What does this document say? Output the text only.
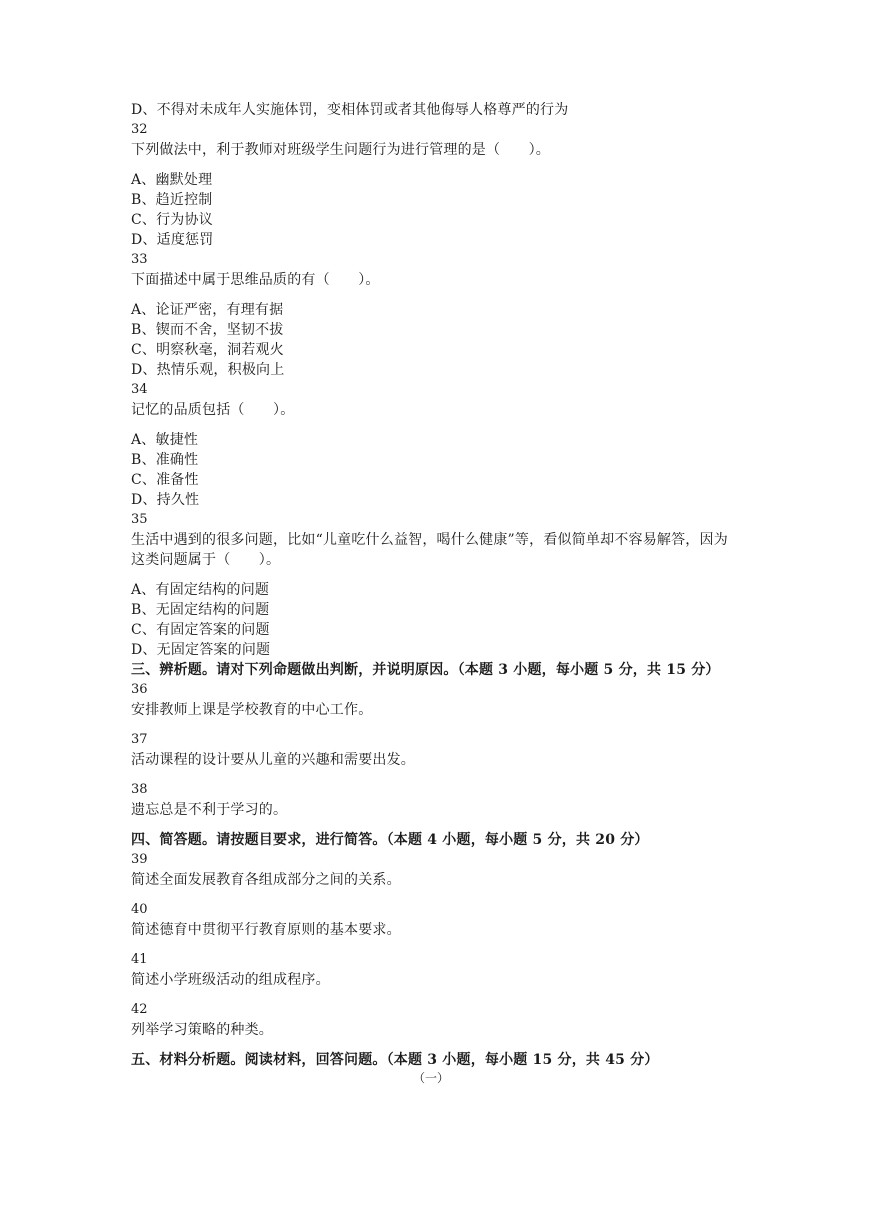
D、不得对未成年人实施体罚，变相体罚或者其他侮辱人格尊严的行为
32
下列做法中，利于教师对班级学生问题行为进行管理的是（　　）。
A、幽默处理
B、趋近控制
C、行为协议
D、适度惩罚
33
下面描述中属于思维品质的有（　　）。
A、论证严密，有理有据
B、锲而不舍，坚韧不拔
C、明察秋毫，洞若观火
D、热情乐观，积极向上
34
记忆的品质包括（　　）。
A、敏捷性
B、准确性
C、准备性
D、持久性
35
生活中遇到的很多问题，比如“儿童吃什么益智，喝什么健康”等，看似简单却不容易解答，因为这类问题属于（　　）。
A、有固定结构的问题
B、无固定结构的问题
C、有固定答案的问题
D、无固定答案的问题
三、辨析题。请对下列命题做出判断，并说明原因。（本题 3 小题，每小题 5 分，共 15 分）
36
安排教师上课是学校教育的中心工作。
37
活动课程的设计要从儿童的兴趣和需要出发。
38
遗忘总是不利于学习的。
四、简答题。请按题目要求，进行简答。（本题 4 小题，每小题 5 分，共 20 分）
39
简述全面发展教育各组成部分之间的关系。
40
简述德育中贯彻平行教育原则的基本要求。
41
简述小学班级活动的组成程序。
42
列举学习策略的种类。
五、材料分析题。阅读材料，回答问题。（本题 3 小题，每小题 15 分，共 45 分）
（一）
